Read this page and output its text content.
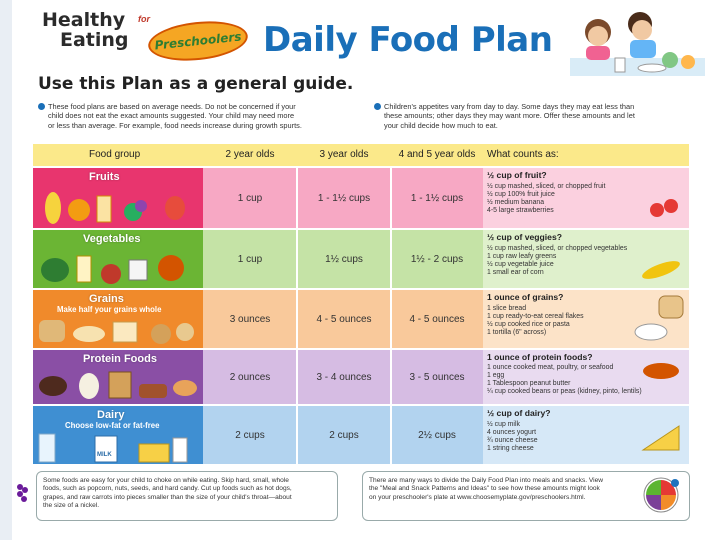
Healthy
Eating
for
Preschoolers Daily Food Plan
Use this Plan as a general guide.
These food plans are based on average needs. Do not be concerned if your
child does not eat the exact amounts suggested. Your child may need more
or less than average. For example, food needs increase during growth spurts.
Children's appetites vary from day to day. Some days they may eat less than
these amounts; other days they may want more. Offer these amounts and let
your child decide how much to eat.
Food group	2 year olds	3 year olds	4 and 5 year olds	What counts as:
Fruits
1 cup	1 - 1½ cups	1 - 1½ cups
½ cup of fruit?
½ cup mashed, sliced, or chopped fruit
½ cup 100% fruit juice
½ medium banana
4-5 large strawberries
Vegetables
1 cup	1½ cups	1½ - 2 cups
½ cup of veggies?
½ cup mashed, sliced, or chopped vegetables
1 cup raw leafy greens
½ cup vegetable juice
1 small ear of corn
Grains
Make half your grains whole
3 ounces	4 - 5 ounces	4 - 5 ounces
1 ounce of grains?
1 slice bread
1 cup ready-to-eat cereal flakes
½ cup cooked rice or pasta
1 tortilla (6" across)
Protein Foods
2 ounces	3 - 4 ounces	3 - 5 ounces
1 ounce of protein foods?
1 ounce cooked meat, poultry, or seafood
1 egg
1 Tablespoon peanut butter
¼ cup cooked beans or peas (kidney, pinto, lentils)
Dairy
Choose low-fat or fat-free
MILK
2 cups	2 cups	2½ cups
½ cup of dairy?
½ cup milk
4 ounces yogurt
¾ ounce cheese
1 string cheese
Some foods are easy for your child to choke on while eating. Skip hard, small, whole
foods, such as popcorn, nuts, seeds, and hard candy. Cut up foods such as hot dogs,
grapes, and raw carrots into pieces smaller than the size of your child's throat—about
the size of a nickel.
There are many ways to divide the Daily Food Plan into meals and snacks. View
the "Meal and Snack Patterns and Ideas" to see how these amounts might look
on your preschooler's plate at www.choosemyplate.gov/preschoolers.html.
